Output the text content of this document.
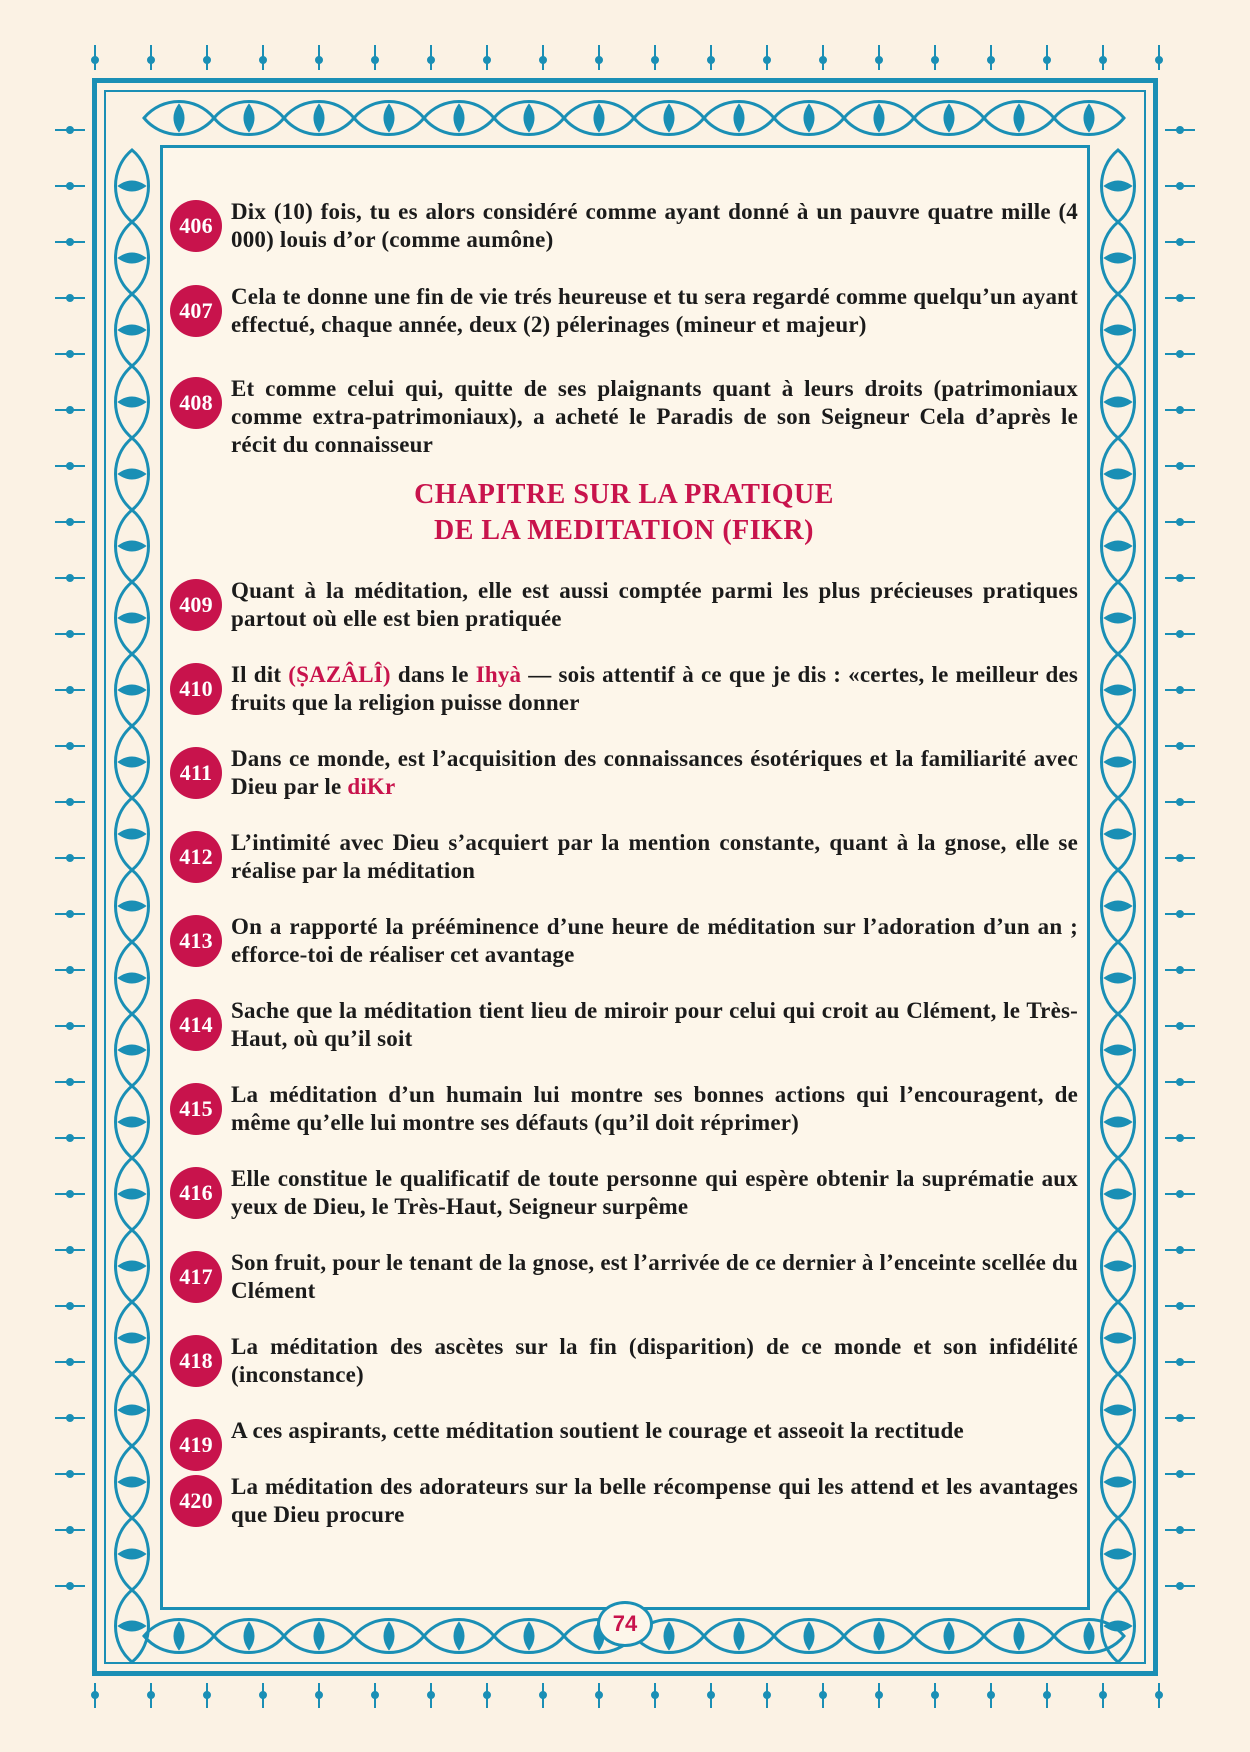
406
Dix (10) fois, tu es alors considéré comme ayant donné à un pauvre quatre mille (4 000) louis d’or (comme aumône)

407
Cela te donne une fin de vie trés heureuse et tu sera regardé comme quelqu’un ayant effectué, chaque année, deux (2) pélerinages (mineur et majeur)

408
Et comme celui qui, quitte de ses plaignants quant à leurs droits (patrimoniaux comme extra-patrimoniaux), a acheté le Paradis de son Seigneur Cela d’après le récit du connaisseur

CHAPITRE SUR LA PRATIQUE

DE LA MEDITATION (FIKR)

409
Quant à la méditation, elle est aussi comptée parmi les plus précieuses pratiques partout où elle est bien pratiquée

410
Il dit (ṢAZÂLÎ) dans le Ihyà — sois attentif à ce que je dis : «certes, le meilleur des fruits que la religion puisse donner

411
Dans ce monde, est l’acquisition des connaissances ésotériques et la familiarité avec Dieu par le diKr

412
L’intimité avec Dieu s’acquiert par la mention constante, quant à la gnose, elle se réalise par la méditation

413
On a rapporté la prééminence d’une heure de méditation sur l’adoration d’un an ; efforce-toi de réaliser cet avantage

414
Sache que la méditation tient lieu de miroir pour celui qui croit au Clément, le Très-Haut, où qu’il soit

415
La méditation d’un humain lui montre ses bonnes actions qui l’encouragent, de même qu’elle lui montre ses défauts (qu’il doit réprimer)

416
Elle constitue le qualificatif de toute personne qui espère obtenir la suprématie aux yeux de Dieu, le Très-Haut, Seigneur surpême

417
Son fruit, pour le tenant de la gnose, est l’arrivée de ce dernier à l’enceinte scellée du Clément

418
La méditation des ascètes sur la fin (disparition) de ce monde et son infidélité (inconstance)

419
A ces aspirants, cette méditation soutient le courage et asseoit la rectitude

420
La méditation des adorateurs sur la belle récompense qui les attend et les avantages que Dieu procure

74
